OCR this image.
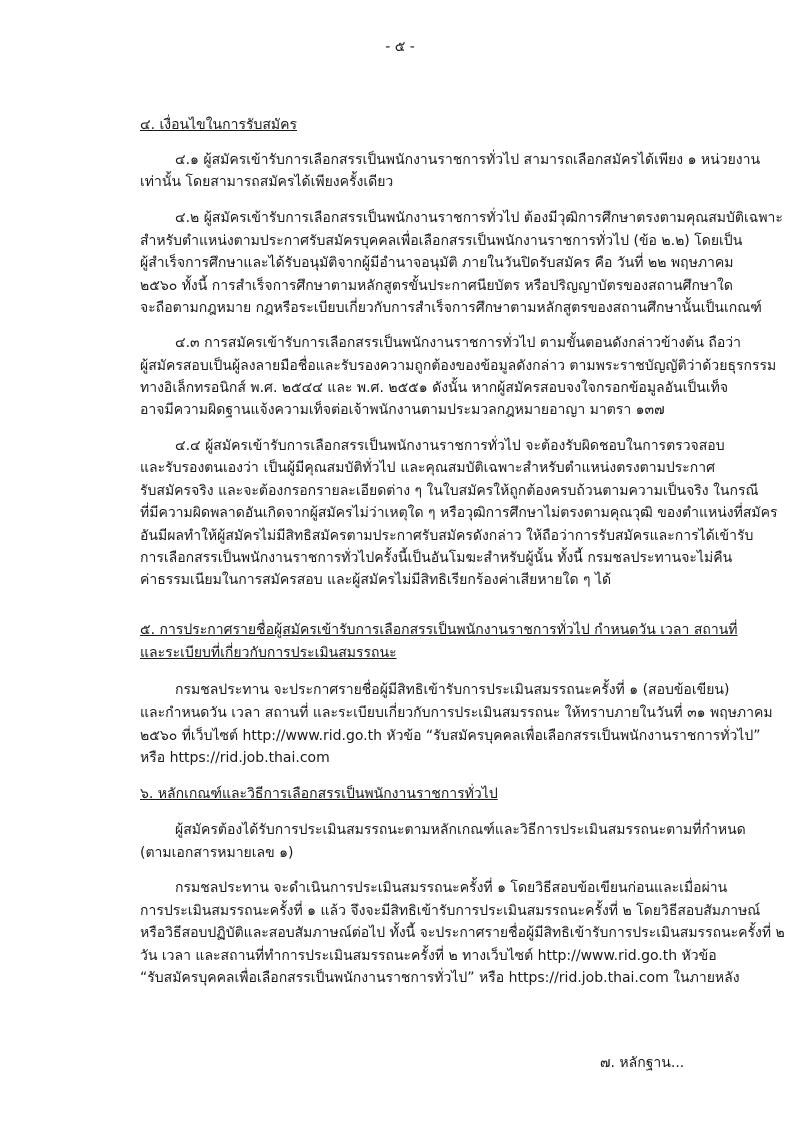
- ๕ -
๔. เงื่อนไขในการรับสมัคร
๔.๑ ผู้สมัครเข้ารับการเลือกสรรเป็นพนักงานราชการทั่วไป สามารถเลือกสมัครได้เพียง ๑ หน่วยงาน
เท่านั้น โดยสามารถสมัครได้เพียงครั้งเดียว
๔.๒ ผู้สมัครเข้ารับการเลือกสรรเป็นพนักงานราชการทั่วไป ต้องมีวุฒิการศึกษาตรงตามคุณสมบัติเฉพาะ
สำหรับตำแหน่งตามประกาศรับสมัครบุคคลเพื่อเลือกสรรเป็นพนักงานราชการทั่วไป (ข้อ ๒.๒) โดยเป็น
ผู้สำเร็จการศึกษาและได้รับอนุมัติจากผู้มีอำนาจอนุมัติ ภายในวันปิดรับสมัคร คือ วันที่ ๒๒ พฤษภาคม
๒๕๖๐ ทั้งนี้ การสำเร็จการศึกษาตามหลักสูตรขั้นประกาศนียบัตร หรือปริญญาบัตรของสถานศึกษาใด
จะถือตามกฎหมาย กฎหรือระเบียบเกี่ยวกับการสำเร็จการศึกษาตามหลักสูตรของสถานศึกษานั้นเป็นเกณฑ์
๔.๓ การสมัครเข้ารับการเลือกสรรเป็นพนักงานราชการทั่วไป ตามขั้นตอนดังกล่าวข้างต้น ถือว่า
ผู้สมัครสอบเป็นผู้ลงลายมือชื่อและรับรองความถูกต้องของข้อมูลดังกล่าว ตามพระราชบัญญัติว่าด้วยธุรกรรม
ทางอิเล็กทรอนิกส์ พ.ศ. ๒๕๔๔ และ พ.ศ. ๒๕๕๑ ดังนั้น หากผู้สมัครสอบจงใจกรอกข้อมูลอันเป็นเท็จ
อาจมีความผิดฐานแจ้งความเท็จต่อเจ้าพนักงานตามประมวลกฎหมายอาญา มาตรา ๑๓๗
๔.๔ ผู้สมัครเข้ารับการเลือกสรรเป็นพนักงานราชการทั่วไป จะต้องรับผิดชอบในการตรวจสอบ
และรับรองตนเองว่า เป็นผู้มีคุณสมบัติทั่วไป และคุณสมบัติเฉพาะสำหรับตำแหน่งตรงตามประกาศ
รับสมัครจริง และจะต้องกรอกรายละเอียดต่าง ๆ ในใบสมัครให้ถูกต้องครบถ้วนตามความเป็นจริง ในกรณี
ที่มีความผิดพลาดอันเกิดจากผู้สมัครไม่ว่าเหตุใด ๆ หรือวุฒิการศึกษาไม่ตรงตามคุณวุฒิ ของตำแหน่งที่สมัคร
อันมีผลทำให้ผู้สมัครไม่มีสิทธิสมัครตามประกาศรับสมัครดังกล่าว ให้ถือว่าการรับสมัครและการได้เข้ารับ
การเลือกสรรเป็นพนักงานราชการทั่วไปครั้งนี้เป็นอันโมฆะสำหรับผู้นั้น ทั้งนี้ กรมชลประทานจะไม่คืน
ค่าธรรมเนียมในการสมัครสอบ และผู้สมัครไม่มีสิทธิเรียกร้องค่าเสียหายใด ๆ ได้
๕. การประกาศรายชื่อผู้สมัครเข้ารับการเลือกสรรเป็นพนักงานราชการทั่วไป กำหนดวัน เวลา สถานที่
และระเบียบที่เกี่ยวกับการประเมินสมรรถนะ
กรมชลประทาน จะประกาศรายชื่อผู้มีสิทธิเข้ารับการประเมินสมรรถนะครั้งที่ ๑ (สอบข้อเขียน)
และกำหนดวัน เวลา สถานที่ และระเบียบเกี่ยวกับการประเมินสมรรถนะ ให้ทราบภายในวันที่ ๓๑ พฤษภาคม
๒๕๖๐ ที่เว็บไซต์ http://www.rid.go.th หัวข้อ “รับสมัครบุคคลเพื่อเลือกสรรเป็นพนักงานราชการทั่วไป”
หรือ https://rid.job.thai.com
๖. หลักเกณฑ์และวิธีการเลือกสรรเป็นพนักงานราชการทั่วไป
ผู้สมัครต้องได้รับการประเมินสมรรถนะตามหลักเกณฑ์และวิธีการประเมินสมรรถนะตามที่กำหนด
(ตามเอกสารหมายเลข ๑)
กรมชลประทาน จะดำเนินการประเมินสมรรถนะครั้งที่ ๑ โดยวิธีสอบข้อเขียนก่อนและเมื่อผ่าน
การประเมินสมรรถนะครั้งที่ ๑ แล้ว จึงจะมีสิทธิเข้ารับการประเมินสมรรถนะครั้งที่ ๒ โดยวิธีสอบสัมภาษณ์
หรือวิธีสอบปฏิบัติและสอบสัมภาษณ์ต่อไป ทั้งนี้ จะประกาศรายชื่อผู้มีสิทธิเข้ารับการประเมินสมรรถนะครั้งที่ ๒
วัน เวลา และสถานที่ทำการประเมินสมรรถนะครั้งที่ ๒ ทางเว็บไซต์ http://www.rid.go.th หัวข้อ
“รับสมัครบุคคลเพื่อเลือกสรรเป็นพนักงานราชการทั่วไป” หรือ https://rid.job.thai.com ในภายหลัง
๗. หลักฐาน...
